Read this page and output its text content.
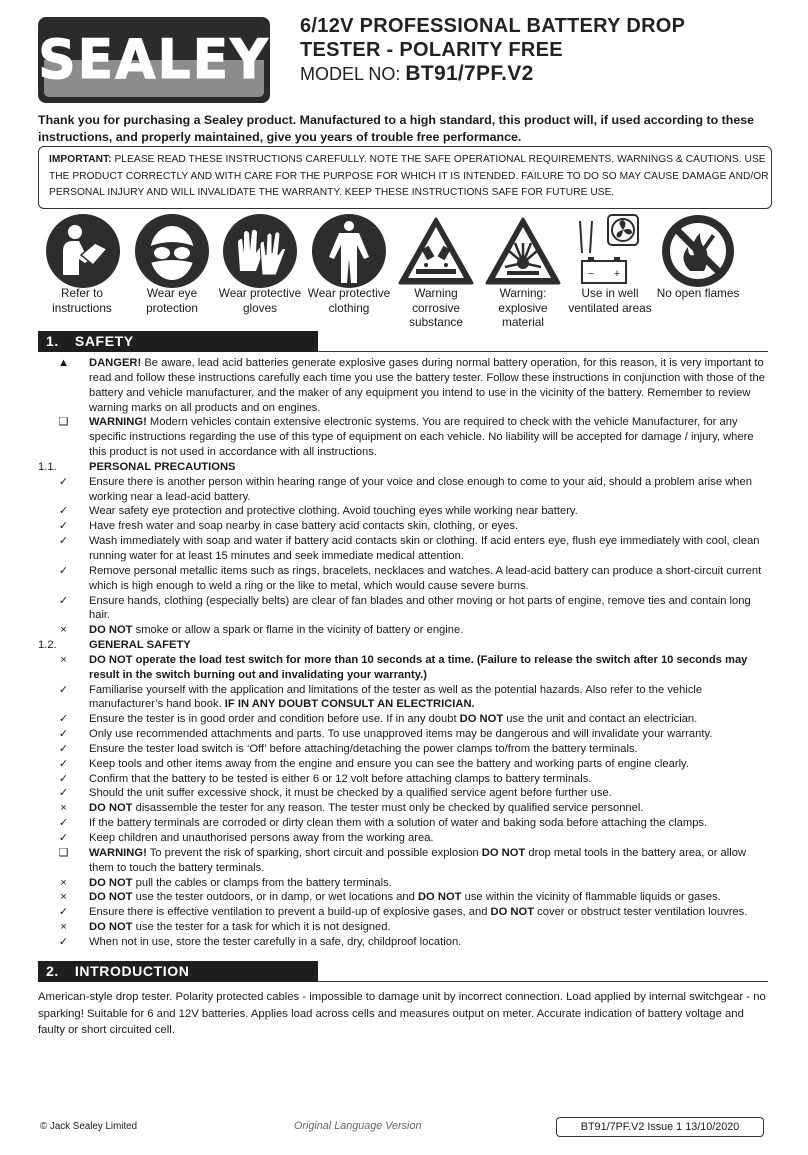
SEALEY
6/12V PROFESSIONAL BATTERY DROP
TESTER - POLARITY FREE
MODEL NO: BT91/7PF.V2
Thank you for purchasing a Sealey product. Manufactured to a high standard, this product will, if used according to these instructions, and properly maintained, give you years of trouble free performance.
IMPORTANT: PLEASE READ THESE INSTRUCTIONS CAREFULLY. NOTE THE SAFE OPERATIONAL REQUIREMENTS, WARNINGS & CAUTIONS. USE THE PRODUCT CORRECTLY AND WITH CARE FOR THE PURPOSE FOR WHICH IT IS INTENDED. FAILURE TO DO SO MAY CAUSE DAMAGE AND/OR PERSONAL INJURY AND WILL INVALIDATE THE WARRANTY. KEEP THESE INSTRUCTIONS SAFE FOR FUTURE USE.
− +
Refer to
instructions
Wear eye
protection
Wear protective
gloves
Wear protective
clothing
Warning
corrosive
substance
Warning:
explosive
material
Use in well
ventilated areas
No open flames
1. SAFETY
▲	DANGER! Be aware, lead acid batteries generate explosive gases during normal battery operation, for this reason, it is very important to read and follow these instructions carefully each time you use the battery tester. Follow these instructions in conjunction with those of the battery and vehicle manufacturer, and the maker of any equipment you intend to use in the vicinity of the battery. Remember to review warning marks on all products and on engines.
❑	WARNING! Modern vehicles contain extensive electronic systems. You are required to check with the vehicle Manufacturer, for any specific instructions regarding the use of this type of equipment on each vehicle. No liability will be accepted for damage / injury, where this product is not used in accordance with all instructions.
1.1.	PERSONAL PRECAUTIONS
✓	Ensure there is another person within hearing range of your voice and close enough to come to your aid, should a problem arise when working near a lead-acid battery.
✓	Wear safety eye protection and protective clothing. Avoid touching eyes while working near battery.
✓	Have fresh water and soap nearby in case battery acid contacts skin, clothing, or eyes.
✓	Wash immediately with soap and water if battery acid contacts skin or clothing. If acid enters eye, flush eye immediately with cool, clean running water for at least 15 minutes and seek immediate medical attention.
✓	Remove personal metallic items such as rings, bracelets, necklaces and watches. A lead-acid battery can produce a short-circuit current which is high enough to weld a ring or the like to metal, which would cause severe burns.
✓	Ensure hands, clothing (especially belts) are clear of fan blades and other moving or hot parts of engine, remove ties and contain long hair.
×	DO NOT smoke or allow a spark or flame in the vicinity of battery or engine.
1.2.	GENERAL SAFETY
×	DO NOT operate the load test switch for more than 10 seconds at a time. (Failure to release the switch after 10 seconds may result in the switch burning out and invalidating your warranty.)
✓	Familiarise yourself with the application and limitations of the tester as well as the potential hazards. Also refer to the vehicle manufacturer’s hand book. IF IN ANY DOUBT CONSULT AN ELECTRICIAN.
✓	Ensure the tester is in good order and condition before use. If in any doubt DO NOT use the unit and contact an electrician.
✓	Only use recommended attachments and parts. To use unapproved items may be dangerous and will invalidate your warranty.
✓	Ensure the tester load switch is ‘Off’ before attaching/detaching the power clamps to/from the battery terminals.
✓	Keep tools and other items away from the engine and ensure you can see the battery and working parts of engine clearly.
✓	Confirm that the battery to be tested is either 6 or 12 volt before attaching clamps to battery terminals.
✓	Should the unit suffer excessive shock, it must be checked by a qualified service agent before further use.
×	DO NOT disassemble the tester for any reason. The tester must only be checked by qualified service personnel.
✓	If the battery terminals are corroded or dirty clean them with a solution of water and baking soda before attaching the clamps.
✓	Keep children and unauthorised persons away from the working area.
❑	WARNING! To prevent the risk of sparking, short circuit and possible explosion DO NOT drop metal tools in the battery area, or allow them to touch the battery terminals.
×	DO NOT pull the cables or clamps from the battery terminals.
×	DO NOT use the tester outdoors, or in damp, or wet locations and DO NOT use within the vicinity of flammable liquids or gases.
✓	Ensure there is effective ventilation to prevent a build-up of explosive gases, and DO NOT cover or obstruct tester ventilation louvres.
×	DO NOT use the tester for a task for which it is not designed.
✓	When not in use, store the tester carefully in a safe, dry, childproof location.
2. INTRODUCTION
American-style drop tester. Polarity protected cables - impossible to damage unit by incorrect connection. Load applied by internal switchgear - no sparking! Suitable for 6 and 12V batteries. Applies load across cells and measures output on meter. Accurate indication of battery voltage and faulty or short circuited cell.
© Jack Sealey Limited	Original Language Version	BT91/7PF.V2 Issue 1 13/10/2020
